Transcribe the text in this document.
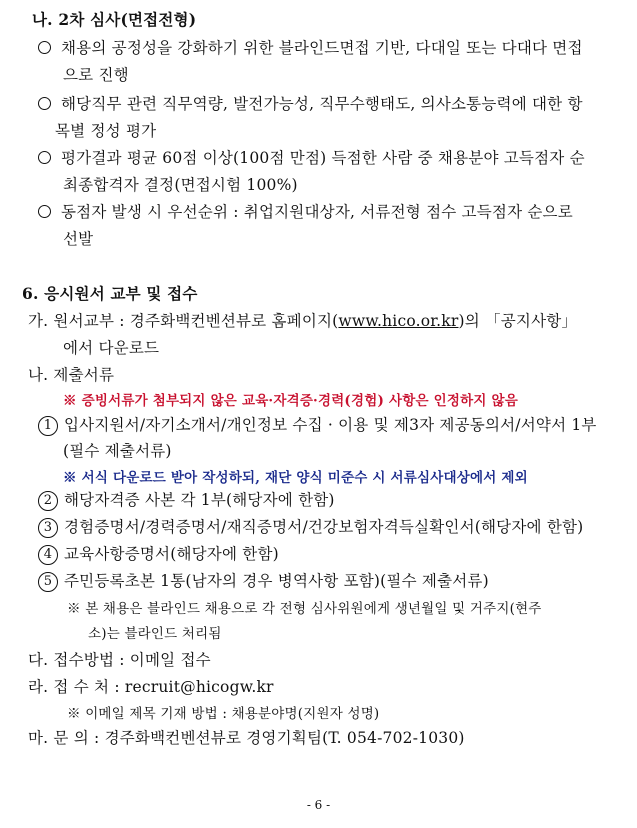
나. 2차 심사(면접전형)
채용의 공정성을 강화하기 위한 블라인드면접 기반, 다대일 또는 다대다 면접
으로 진행
해당직무 관련 직무역량, 발전가능성, 직무수행태도, 의사소통능력에 대한 항
목별 정성 평가
평가결과 평균 60점 이상(100점 만점) 득점한 사람 중 채용분야 고득점자 순
최종합격자 결정(면접시험 100%)
동점자 발생 시 우선순위 : 취업지원대상자, 서류전형 점수 고득점자 순으로
선발
6. 응시원서 교부 및 접수
가. 원서교부 : 경주화백컨벤션뷰로 홈페이지(www.hico.or.kr)의 「공지사항」
에서 다운로드
나. 제출서류
※ 증빙서류가 첨부되지 않은 교육·자격증·경력(경험) 사항은 인정하지 않음
1 입사지원서/자기소개서/개인정보 수집 · 이용 및 제3자 제공동의서/서약서 1부
(필수 제출서류)
※ 서식 다운로드 받아 작성하되, 재단 양식 미준수 시 서류심사대상에서 제외
2 해당자격증 사본 각 1부(해당자에 한함)
3 경험증명서/경력증명서/재직증명서/건강보험자격득실확인서(해당자에 한함)
4 교육사항증명서(해당자에 한함)
5 주민등록초본 1통(남자의 경우 병역사항 포함)(필수 제출서류)
※ 본 채용은 블라인드 채용으로 각 전형 심사위원에게 생년월일 및 거주지(현주
소)는 블라인드 처리됨
다. 접수방법 : 이메일 접수
라. 접 수 처 : recruit@hicogw.kr
※ 이메일 제목 기재 방법 : 채용분야명(지원자 성명)
마. 문 의 : 경주화백컨벤션뷰로 경영기획팀(T. 054-702-1030)
- 6 -
